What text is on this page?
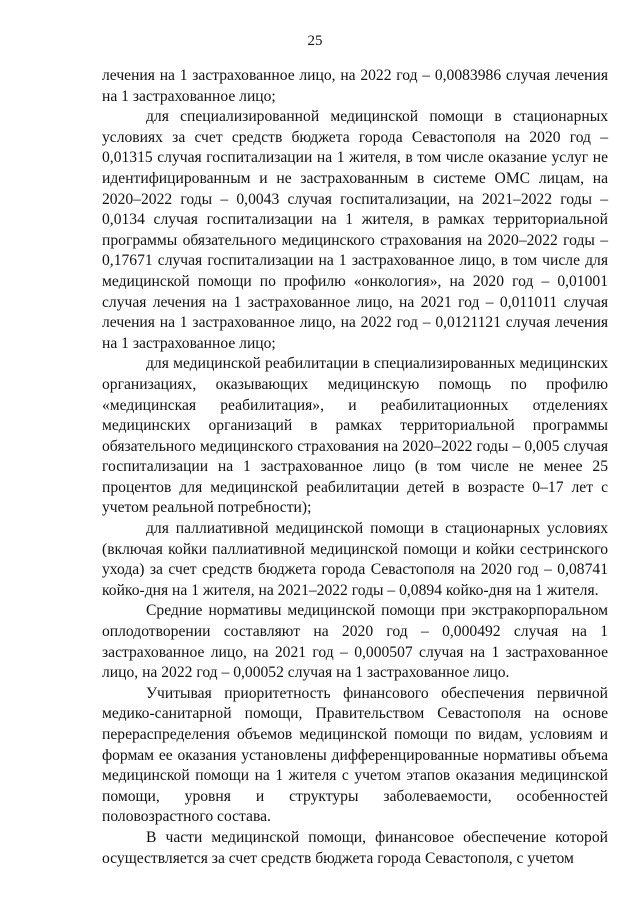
25

лечения на 1 застрахованное лицо, на 2022 год – 0,0083986 случая лечения на 1 застрахованное лицо;

для специализированной медицинской помощи в стационарных условиях за счет средств бюджета города Севастополя на 2020 год – 0,01315 случая госпитализации на 1 жителя, в том числе оказание услуг не идентифицированным и не застрахованным в системе ОМС лицам, на 2020–2022 годы – 0,0043 случая госпитализации, на 2021–2022 годы – 0,0134 случая госпитализации на 1 жителя, в рамках территориальной программы обязательного медицинского страхования на 2020–2022 годы – 0,17671 случая госпитализации на 1 застрахованное лицо, в том числе для медицинской помощи по профилю «онкология», на 2020 год – 0,01001 случая лечения на 1 застрахованное лицо, на 2021 год – 0,011011 случая лечения на 1 застрахованное лицо, на 2022 год – 0,0121121 случая лечения на 1 застрахованное лицо;

для медицинской реабилитации в специализированных медицинских организациях, оказывающих медицинскую помощь по профилю «медицинская реабилитация», и реабилитационных отделениях медицинских организаций в рамках территориальной программы обязательного медицинского страхования на 2020–2022 годы – 0,005 случая госпитализации на 1 застрахованное лицо (в том числе не менее 25 процентов для медицинской реабилитации детей в возрасте 0–17 лет с учетом реальной потребности);

для паллиативной медицинской помощи в стационарных условиях (включая койки паллиативной медицинской помощи и койки сестринского ухода) за счет средств бюджета города Севастополя на 2020 год – 0,08741 койко-дня на 1 жителя, на 2021–2022 годы – 0,0894 койко-дня на 1 жителя.

Средние нормативы медицинской помощи при экстракорпоральном оплодотворении составляют на 2020 год – 0,000492 случая на 1 застрахованное лицо, на 2021 год – 0,000507 случая на 1 застрахованное лицо, на 2022 год – 0,00052 случая на 1 застрахованное лицо.

Учитывая приоритетность финансового обеспечения первичной медико-санитарной помощи, Правительством Севастополя на основе перераспределения объемов медицинской помощи по видам, условиям и формам ее оказания установлены дифференцированные нормативы объема медицинской помощи на 1 жителя с учетом этапов оказания медицинской помощи, уровня и структуры заболеваемости, особенностей половозрастного состава.

В части медицинской помощи, финансовое обеспечение которой осуществляется за счет средств бюджета города Севастополя, с учетом
